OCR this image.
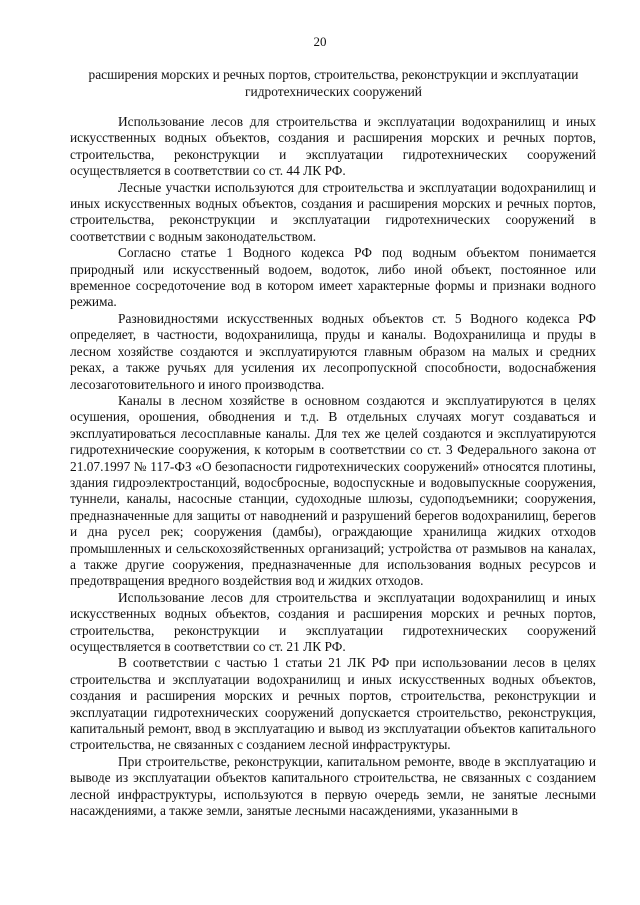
20
расширения морских и речных портов, строительства, реконструкции и эксплуатации
гидротехнических сооружений

Использование лесов для строительства и эксплуатации водохранилищ и иных искусственных водных объектов, создания и расширения морских и речных портов, строительства, реконструкции и эксплуатации гидротехнических сооружений осуществляется в соответствии со ст. 44 ЛК РФ.

Лесные участки используются для строительства и эксплуатации водохранилищ и иных искусственных водных объектов, создания и расширения морских и речных портов, строительства, реконструкции и эксплуатации гидротехнических сооружений в соответствии с водным законодательством.

Согласно статье 1 Водного кодекса РФ под водным объектом понимается природный или искусственный водоем, водоток, либо иной объект, постоянное или временное сосредоточение вод в котором имеет характерные формы и признаки водного режима.

Разновидностями искусственных водных объектов ст. 5 Водного кодекса РФ определяет, в частности, водохранилища, пруды и каналы. Водохранилища и пруды в лесном хозяйстве создаются и эксплуатируются главным образом на малых и средних реках, а также ручьях для усиления их лесопропускной способности, водоснабжения лесозаготовительного и иного производства.

Каналы в лесном хозяйстве в основном создаются и эксплуатируются в целях осушения, орошения, обводнения и т.д. В отдельных случаях могут создаваться и эксплуатироваться лесосплавные каналы. Для тех же целей создаются и эксплуатируются гидротехнические сооружения, к которым в соответствии со ст. 3 Федерального закона от 21.07.1997 № 117-ФЗ «О безопасности гидротехнических сооружений» относятся плотины, здания гидроэлектростанций, водосбросные, водоспускные и водовыпускные сооружения, туннели, каналы, насосные станции, судоходные шлюзы, судоподъемники; сооружения, предназначенные для защиты от наводнений и разрушений берегов водохранилищ, берегов и дна русел рек; сооружения (дамбы), ограждающие хранилища жидких отходов промышленных и сельскохозяйственных организаций; устройства от размывов на каналах, а также другие сооружения, предназначенные для использования водных ресурсов и предотвращения вредного воздействия вод и жидких отходов.

Использование лесов для строительства и эксплуатации водохранилищ и иных искусственных водных объектов, создания и расширения морских и речных портов, строительства, реконструкции и эксплуатации гидротехнических сооружений осуществляется в соответствии со ст. 21 ЛК РФ.

В соответствии с частью 1 статьи 21 ЛК РФ при использовании лесов в целях строительства и эксплуатации водохранилищ и иных искусственных водных объектов, создания и расширения морских и речных портов, строительства, реконструкции и эксплуатации гидротехнических сооружений допускается строительство, реконструкция, капитальный ремонт, ввод в эксплуатацию и вывод из эксплуатации объектов капитального строительства, не связанных с созданием лесной инфраструктуры.

При строительстве, реконструкции, капитальном ремонте, вводе в эксплуатацию и выводе из эксплуатации объектов капитального строительства, не связанных с созданием лесной инфраструктуры, используются в первую очередь земли, не занятые лесными насаждениями, а также земли, занятые лесными насаждениями, указанными в
